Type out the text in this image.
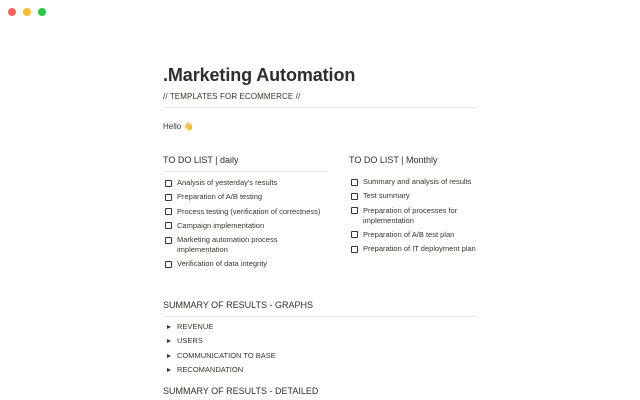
.Marketing Automation
// TEMPLATES FOR ECOMMERCE //
Hello 👋
TO DO LIST | daily
Analysis of yesterday's results
Preparation of A/B testing
Process testing (verification of correctness)
Campaign implementation
Marketing automation process implementation
Verification of data integrity
TO DO LIST | Monthly
Summary and analysis of results
Test summary
Preparation of processes for implementation
Preparation of A/B test plan
Preparation of IT deployment plan
SUMMARY OF RESULTS - GRAPHS
REVENUE
USERS
COMMUNICATION TO BASE
RECOMANDATION
SUMMARY OF RESULTS - DETAILED
